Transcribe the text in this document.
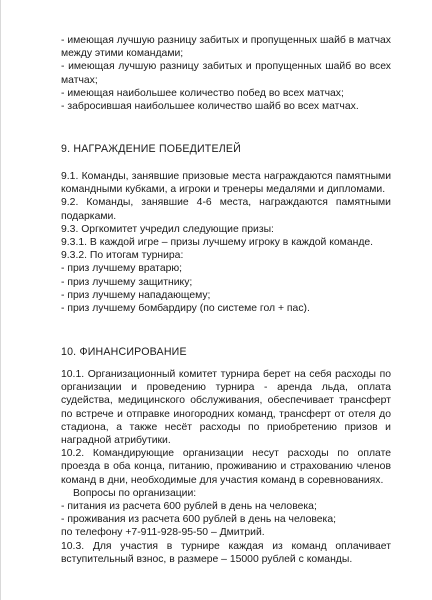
- имеющая лучшую разницу забитых и пропущенных шайб в матчах между этими командами;

- имеющая лучшую разницу забитых и пропущенных шайб во всех матчах;

- имеющая наибольшее количество побед во всех матчах;

- забросившая наибольшее количество шайб во всех матчах.

9. НАГРАЖДЕНИЕ ПОБЕДИТЕЛЕЙ

9.1. Команды, занявшие призовые места награждаются памятными командными кубками, а игроки и тренеры медалями и дипломами.

9.2. Команды, занявшие 4-6 места, награждаются памятными подарками.

9.3. Оргкомитет учредил следующие призы:

9.3.1. В каждой игре – призы лучшему игроку в каждой команде.

9.3.2. По итогам турнира:

- приз лучшему вратарю;

- приз лучшему защитнику;

- приз лучшему нападающему;

- приз лучшему бомбардиру (по системе гол + пас).

10. ФИНАНСИРОВАНИЕ

10.1. Организационный комитет турнира берет на себя расходы по организации и проведению турнира - аренда льда, оплата судейства, медицинского обслуживания, обеспечивает трансферт по встрече и отправке иногородних команд, трансферт от отеля до стадиона, а также несёт расходы по приобретению призов и наградной атрибутики.

10.2. Командирующие организации несут расходы по оплате проезда в оба конца, питанию, проживанию и страхованию членов команд в дни, необходимые для участия команд в соревнованиях.

Вопросы по организации:

- питания из расчета 600 рублей в день на человека;

- проживания из расчета 600 рублей в день на человека;

по телефону +7-911-928-95-50 – Дмитрий.

10.3. Для участия в турнире каждая из команд оплачивает вступительный взнос, в размере – 15000 рублей с команды.
